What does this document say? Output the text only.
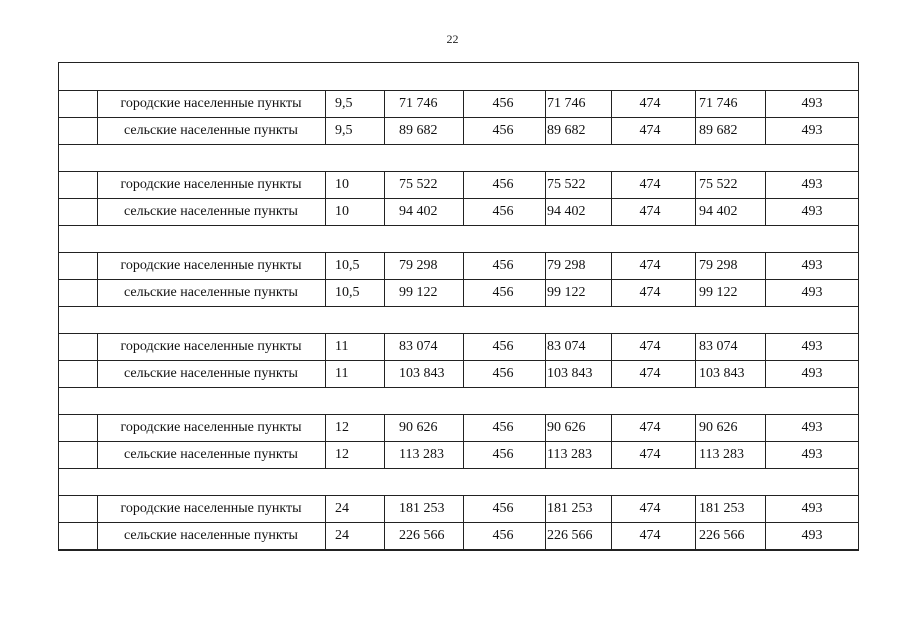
22
городские населенные пункты	9,5	71 746	456	71 746	474	71 746	493
сельские населенные пункты	9,5	89 682	456	89 682	474	89 682	493
городские населенные пункты	10	75 522	456	75 522	474	75 522	493
сельские населенные пункты	10	94 402	456	94 402	474	94 402	493
городские населенные пункты	10,5	79 298	456	79 298	474	79 298	493
сельские населенные пункты	10,5	99 122	456	99 122	474	99 122	493
городские населенные пункты	11	83 074	456	83 074	474	83 074	493
сельские населенные пункты	11	103 843	456	103 843	474	103 843	493
городские населенные пункты	12	90 626	456	90 626	474	90 626	493
сельские населенные пункты	12	113 283	456	113 283	474	113 283	493
городские населенные пункты	24	181 253	456	181 253	474	181 253	493
сельские населенные пункты	24	226 566	456	226 566	474	226 566	493
